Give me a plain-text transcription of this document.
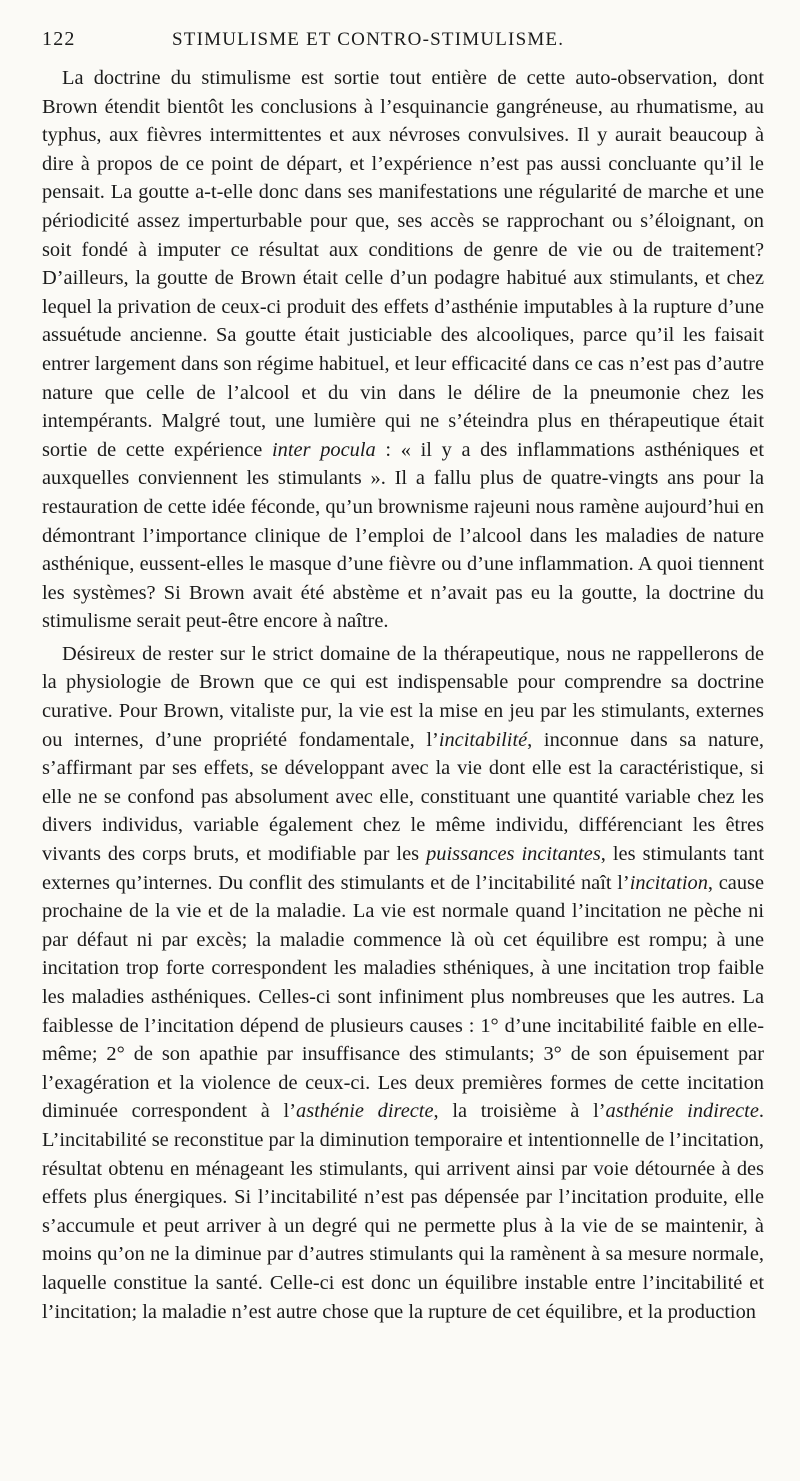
122	STIMULISME ET CONTRO-STIMULISME.

La doctrine du stimulisme est sortie tout entière de cette auto-observation, dont Brown étendit bientôt les conclusions à l’esquinancie gangréneuse, au rhumatisme, au typhus, aux fièvres intermittentes et aux névroses convulsives. Il y aurait beaucoup à dire à propos de ce point de départ, et l’expérience n’est pas aussi concluante qu’il le pensait. La goutte a-t-elle donc dans ses manifestations une régularité de marche et une périodicité assez imperturbable pour que, ses accès se rapprochant ou s’éloignant, on soit fondé à imputer ce résultat aux conditions de genre de vie ou de traitement? D’ailleurs, la goutte de Brown était celle d’un podagre habitué aux stimulants, et chez lequel la privation de ceux-ci produit des effets d’asthénie imputables à la rupture d’une assuétude ancienne. Sa goutte était justiciable des alcooliques, parce qu’il les faisait entrer largement dans son régime habituel, et leur efficacité dans ce cas n’est pas d’autre nature que celle de l’alcool et du vin dans le délire de la pneumonie chez les intempérants. Malgré tout, une lumière qui ne s’éteindra plus en thérapeutique était sortie de cette expérience inter pocula : « il y a des inflammations asthéniques et auxquelles conviennent les stimulants ». Il a fallu plus de quatre-vingts ans pour la restauration de cette idée féconde, qu’un brownisme rajeuni nous ramène aujourd’hui en démontrant l’importance clinique de l’emploi de l’alcool dans les maladies de nature asthénique, eussent-elles le masque d’une fièvre ou d’une inflammation. A quoi tiennent les systèmes? Si Brown avait été abstème et n’avait pas eu la goutte, la doctrine du stimulisme serait peut-être encore à naître.

Désireux de rester sur le strict domaine de la thérapeutique, nous ne rappellerons de la physiologie de Brown que ce qui est indispensable pour comprendre sa doctrine curative. Pour Brown, vitaliste pur, la vie est la mise en jeu par les stimulants, externes ou internes, d’une propriété fondamentale, l’incitabilité, inconnue dans sa nature, s’affirmant par ses effets, se développant avec la vie dont elle est la caractéristique, si elle ne se confond pas absolument avec elle, constituant une quantité variable chez les divers individus, variable également chez le même individu, différenciant les êtres vivants des corps bruts, et modifiable par les puissances incitantes, les stimulants tant externes qu’internes. Du conflit des stimulants et de l’incitabilité naît l’incitation, cause prochaine de la vie et de la maladie. La vie est normale quand l’incitation ne pèche ni par défaut ni par excès; la maladie commence là où cet équilibre est rompu; à une incitation trop forte correspondent les maladies sthéniques, à une incitation trop faible les maladies asthéniques. Celles-ci sont infiniment plus nombreuses que les autres. La faiblesse de l’incitation dépend de plusieurs causes : 1° d’une incitabilité faible en elle-même; 2° de son apathie par insuffisance des stimulants; 3° de son épuisement par l’exagération et la violence de ceux-ci. Les deux premières formes de cette incitation diminuée correspondent à l’asthénie directe, la troisième à l’asthénie indirecte. L’incitabilité se reconstitue par la diminution temporaire et intentionnelle de l’incitation, résultat obtenu en ménageant les stimulants, qui arrivent ainsi par voie détournée à des effets plus énergiques. Si l’incitabilité n’est pas dépensée par l’incitation produite, elle s’accumule et peut arriver à un degré qui ne permette plus à la vie de se maintenir, à moins qu’on ne la diminue par d’autres stimulants qui la ramènent à sa mesure normale, laquelle constitue la santé. Celle-ci est donc un équilibre instable entre l’incitabilité et l’incitation; la maladie n’est autre chose que la rupture de cet équilibre, et la production
